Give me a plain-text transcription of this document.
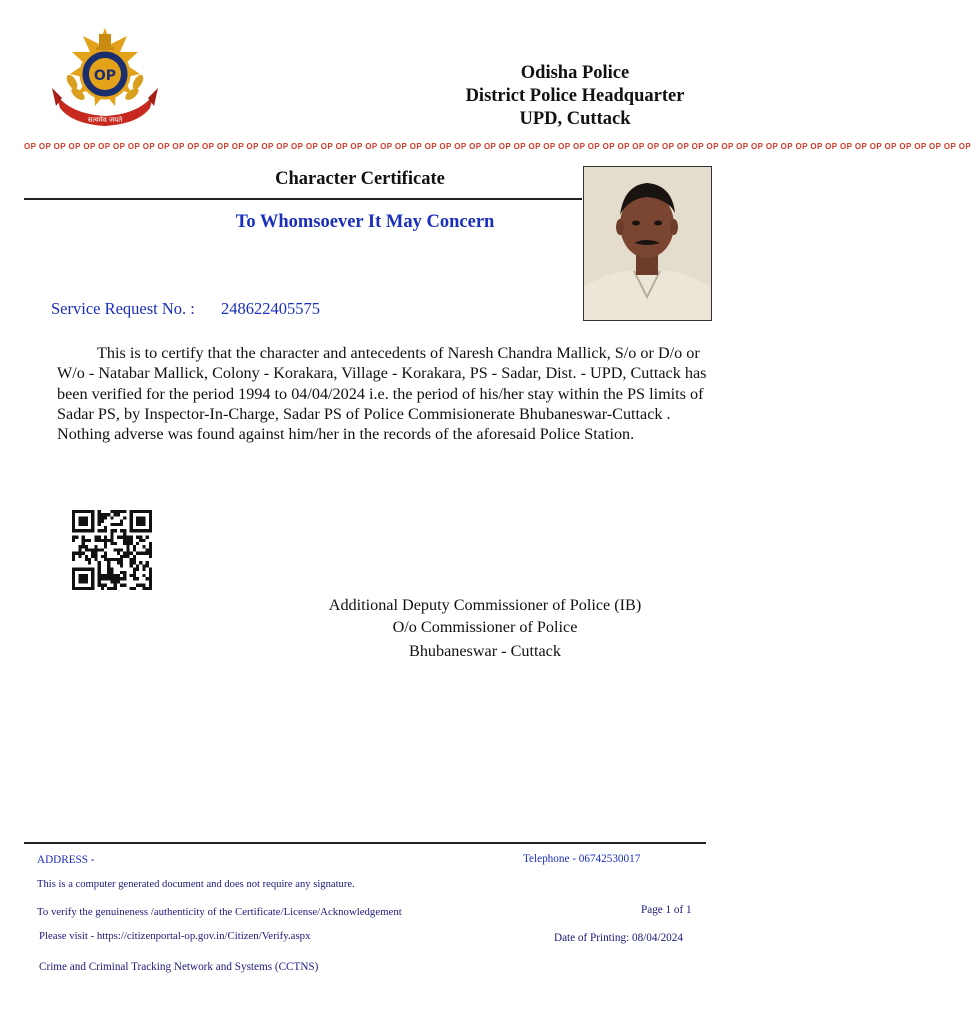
OP
सत्यमेव जयते
Odisha Police
District Police Headquarter
UPD, Cuttack
OP OP OP OP OP OP OP OP OP OP OP OP OP OP OP OP OP OP OP OP OP OP OP OP OP OP OP OP OP OP OP OP OP OP OP OP OP OP OP OP OP OP OP OP OP OP OP OP OP OP OP OP OP OP OP OP OP OP OP OP OP OP OP OP
Character Certificate
To Whomsoever It May Concern
Service Request No. : 248622405575
This is to certify that the character and antecedents of Naresh Chandra Mallick, S/o or D/o or W/o - Natabar Mallick, Colony - Korakara, Village - Korakara, PS - Sadar, Dist. - UPD, Cuttack has been verified for the period 1994 to 04/04/2024 i.e. the period of his/her stay within the PS limits of Sadar PS, by Inspector-In-Charge, Sadar PS of Police Commisionerate Bhubaneswar-Cuttack . Nothing adverse was found against him/her in the records of the aforesaid Police Station.
Additional Deputy Commissioner of Police (IB)
O/o Commissioner of Police
Bhubaneswar - Cuttack
ADDRESS -	Telephone - 06742530017
This is a computer generated document and does not require any signature.
To verify the genuineness /authenticity of the Certificate/License/Acknowledgement	Page 1 of 1
Please visit - https://citizenportal-op.gov.in/Citizen/Verify.aspx	Date of Printing: 08/04/2024
Crime and Criminal Tracking Network and Systems (CCTNS)
